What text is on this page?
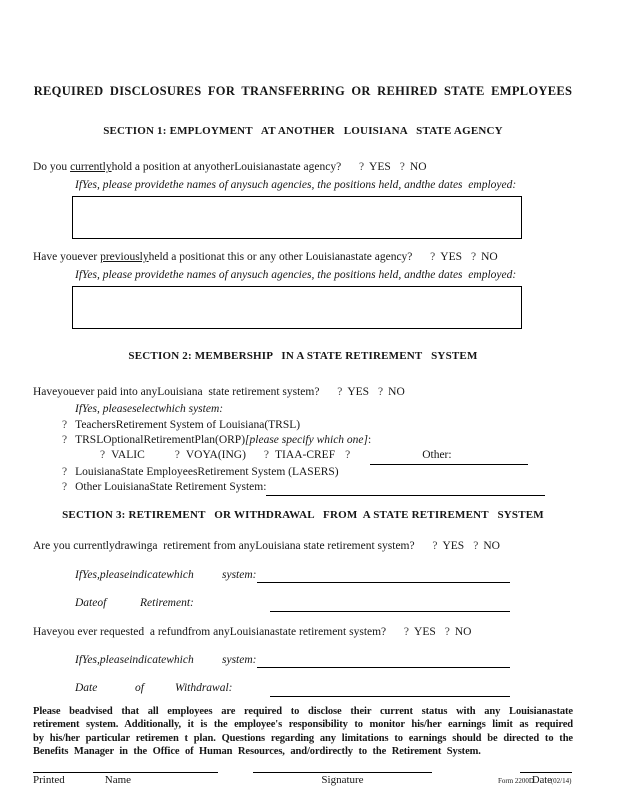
REQUIRED DISCLOSURES FOR TRANSFERRING OR REHIRED STATE EMPLOYEES
SECTION 1: EMPLOYMENT   AT ANOTHER   LOUISIANA   STATE AGENCY
Do you currentlyhold a position at anyotherLouisianastate agency?  ? YES ? NO
IfYes, please providethe names of anysuch agencies, the positions held, andthe dates  employed:
Have youever previouslyheld a positionat this or any other Louisianastate agency?  ? YES ? NO
IfYes, please providethe names of anysuch agencies, the positions held, andthe dates  employed:
SECTION 2: MEMBERSHIP   IN A STATE RETIREMENT   SYSTEM
Haveyouever paid into anyLouisiana  state retirement system?  ? YES ? NO
IfYes, pleaseselectwhich system:
? TeachersRetirement System of Louisiana(TRSL)
? TRSLOptionalRetirementPlan(ORP)[please specify which one]:
? VALIC	? VOYA(ING) ? TIAA-CREF ?	Other:
? LouisianaState EmployeesRetirement System (LASERS)
? Other LouisianaState Retirement System:
SECTION 3: RETIREMENT   OR WITHDRAWAL   FROM  A STATE RETIREMENT   SYSTEM
Are you currentlydrawinga  retirement from anyLouisiana state retirement system?  ? YES ? NO
IfYes,pleaseindicatewhich	system:
Dateof	Retirement:
Haveyou ever requested  a refundfrom anyLouisianastate retirement system?  ? YES ? NO
IfYes,pleaseindicatewhich	system:
Date	of	Withdrawal:
Please beadvised that all employees are required to disclose their current status with any Louisianastate retirement system. Additionally, it is the employee's responsibility to monitor his/her earnings limit as required by his/her particular retiremen t plan. Questions regarding any limitations to earnings should be directed to the Benefits Manager in the Office of Human Resources, and/ordirectly to the Retirement System.
Printed	Name	Signature	Form 2200DDate(02/14)
